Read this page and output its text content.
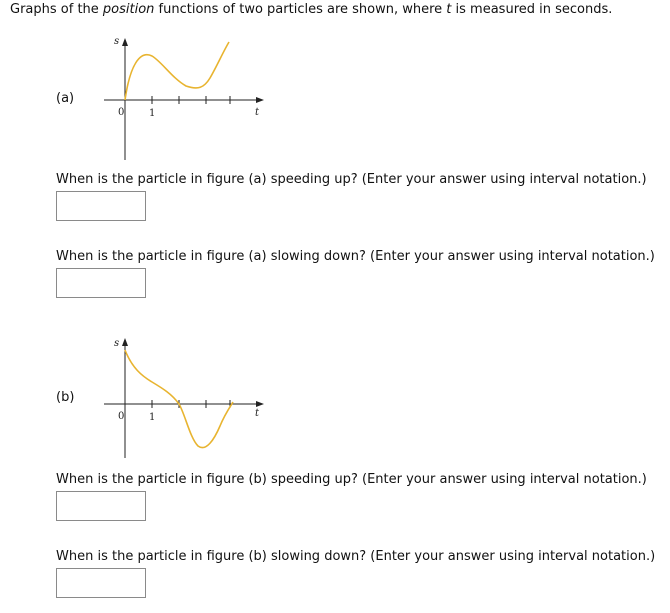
Graphs of the position functions of two particles are shown, where t is measured in seconds.
(a)
s
0 1	t
When is the particle in figure (a) speeding up? (Enter your answer using interval notation.)
When is the particle in figure (a) slowing down? (Enter your answer using interval notation.)
(b)
s
0 1	t
When is the particle in figure (b) speeding up? (Enter your answer using interval notation.)
When is the particle in figure (b) slowing down? (Enter your answer using interval notation.)
